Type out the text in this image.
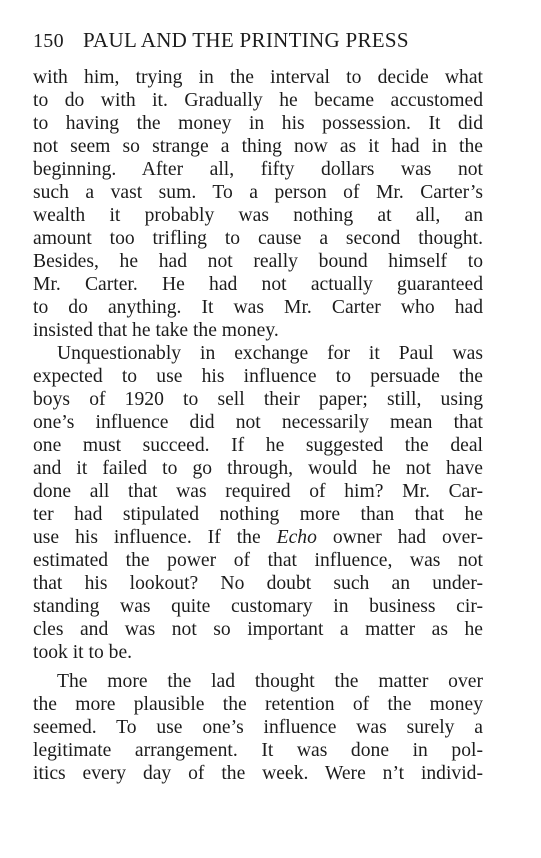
150 PAUL AND THE PRINTING PRESS
with him, trying in the interval to decide what
to do with it. Gradually he became accustomed
to having the money in his possession. It did
not seem so strange a thing now as it had in the
beginning. After all, fifty dollars was not
such a vast sum. To a person of Mr. Carter’s
wealth it probably was nothing at all, an
amount too trifling to cause a second thought.
Besides, he had not really bound himself to
Mr. Carter. He had not actually guaranteed
to do anything. It was Mr. Carter who had
insisted that he take the money.
Unquestionably in exchange for it Paul was
expected to use his influence to persuade the
boys of 1920 to sell their paper; still, using
one’s influence did not necessarily mean that
one must succeed. If he suggested the deal
and it failed to go through, would he not have
done all that was required of him? Mr. Car-
ter had stipulated nothing more than that he
use his influence. If the Echo owner had over-
estimated the power of that influence, was not
that his lookout? No doubt such an under-
standing was quite customary in business cir-
cles and was not so important a matter as he
took it to be.
The more the lad thought the matter over
the more plausible the retention of the money
seemed. To use one’s influence was surely a
legitimate arrangement. It was done in pol-
itics every day of the week. Were n’t individ-
